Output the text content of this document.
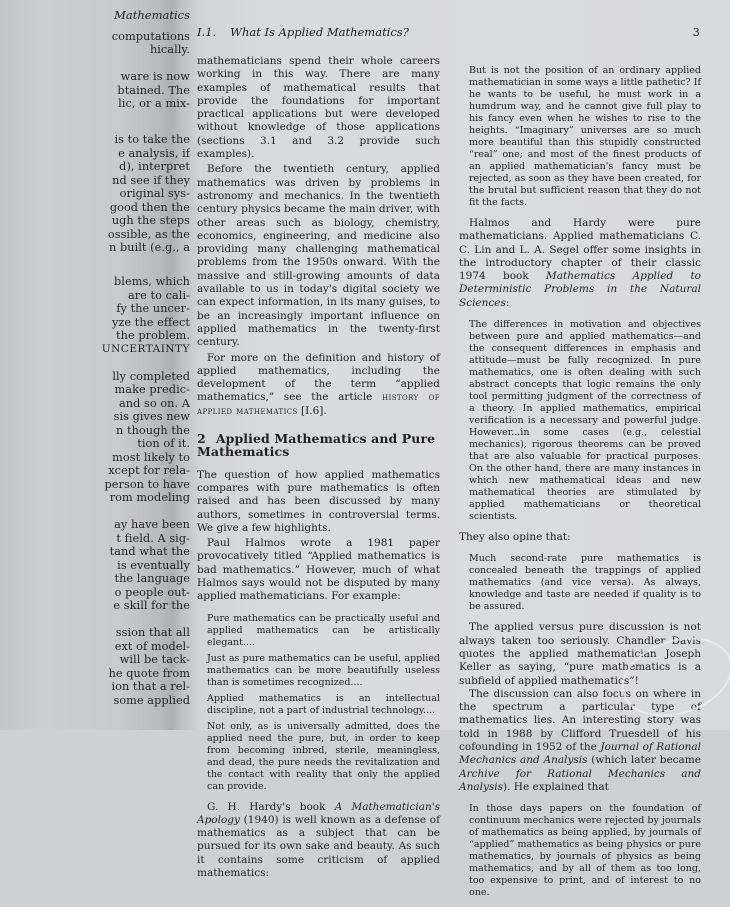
Mathematics
computations
hically.
ware is now
btained. The
lic, or a mix-
is to take the
e analysis, if
d), interpret
nd see if they
original sys-
good then the
ugh the steps
ossible, as the
n built (e.g., a
blems, which
are to cali-
fy the uncer-
yze the effect
the problem.
UNCERTAINTY
lly completed
make predic-
and so on. A
sis gives new
n though the
tion of it.
most likely to
xcept for rela-
person to have
rom modeling
ay have been
t field. A sig-
tand what the
is eventually
the language
o people out-
e skill for the
ssion that all
ext of model-
will be tack-
he quote from
ion that a rel-
some applied
I.1. What Is Applied Mathematics?	3

mathematicians spend their whole careers working in this way. There are many examples of mathematical results that provide the foundations for important practical applications but were developed without knowledge of those applications (sections 3.1 and 3.2 provide such examples).

Before the twentieth century, applied mathematics was driven by problems in astronomy and mechanics. In the twentieth century physics became the main driver, with other areas such as biology, chemistry, economics, engineering, and medicine also providing many challenging mathematical problems from the 1950s onward. With the massive and still-growing amounts of data available to us in today's digital society we can expect information, in its many guises, to be an increasingly important influence on applied mathematics in the twenty-first century.

For more on the definition and history of applied mathematics, including the development of the term “applied mathematics,” see the article history of applied mathematics [I.6].

2 Applied Mathematics and Pure Mathematics

The question of how applied mathematics compares with pure mathematics is often raised and has been discussed by many authors, sometimes in controversial terms. We give a few highlights.

Paul Halmos wrote a 1981 paper provocatively titled “Applied mathematics is bad mathematics.” However, much of what Halmos says would not be disputed by many applied mathematicians. For example:

Pure mathematics can be practically useful and applied mathematics can be artistically elegant....

Just as pure mathematics can be useful, applied mathematics can be more beautifully useless than is sometimes recognized....

Applied mathematics is an intellectual discipline, not a part of industrial technology....

Not only, as is universally admitted, does the applied need the pure, but, in order to keep from becoming inbred, sterile, meaningless, and dead, the pure needs the revitalization and the contact with reality that only the applied can provide.

G. H. Hardy's book A Mathematician's Apology (1940) is well known as a defense of mathematics as a subject that can be pursued for its own sake and beauty. As such it contains some criticism of applied mathematics:

But is not the position of an ordinary applied mathematician in some ways a little pathetic? If he wants to be useful, he must work in a humdrum way, and he cannot give full play to his fancy even when he wishes to rise to the heights. “Imaginary” universes are so much more beautiful than this stupidly constructed “real” one; and most of the finest products of an applied mathematician's fancy must be rejected, as soon as they have been created, for the brutal but sufficient reason that they do not fit the facts.

Halmos and Hardy were pure mathematicians. Applied mathematicians C. C. Lin and L. A. Segel offer some insights in the introductory chapter of their classic 1974 book Mathematics Applied to Deterministic Problems in the Natural Sciences:

The differences in motivation and objectives between pure and applied mathematics—and the consequent differences in emphasis and attitude—must be fully recognized. In pure mathematics, one is often dealing with such abstract concepts that logic remains the only tool permitting judgment of the correctness of a theory. In applied mathematics, empirical verification is a necessary and powerful judge. However...in some cases (e.g., celestial mechanics), rigorous theorems can be proved that are also valuable for practical purposes. On the other hand, there are many instances in which new mathematical ideas and new mathematical theories are stimulated by applied mathematicians or theoretical scientists.

They also opine that:

Much second-rate pure mathematics is concealed beneath the trappings of applied mathematics (and vice versa). As always, knowledge and taste are needed if quality is to be assured.

The applied versus pure discussion is not always taken too seriously. Chandler Davis quotes the applied mathematician Joseph Keller as saying, “pure mathematics is a subfield of applied mathematics”!

The discussion can also focus on where in the spectrum a particular type of mathematics lies. An interesting story was told in 1988 by Clifford Truesdell of his cofounding in 1952 of the Journal of Rational Mechanics and Analysis (which later became Archive for Rational Mechanics and Analysis). He explained that

In those days papers on the foundation of continuum mechanics were rejected by journals of mathematics as being applied, by journals of “applied” mathematics as being physics or pure mathematics, by journals of physics as being mathematics, and by all of them as too long, too expensive to print, and of interest to no one.
